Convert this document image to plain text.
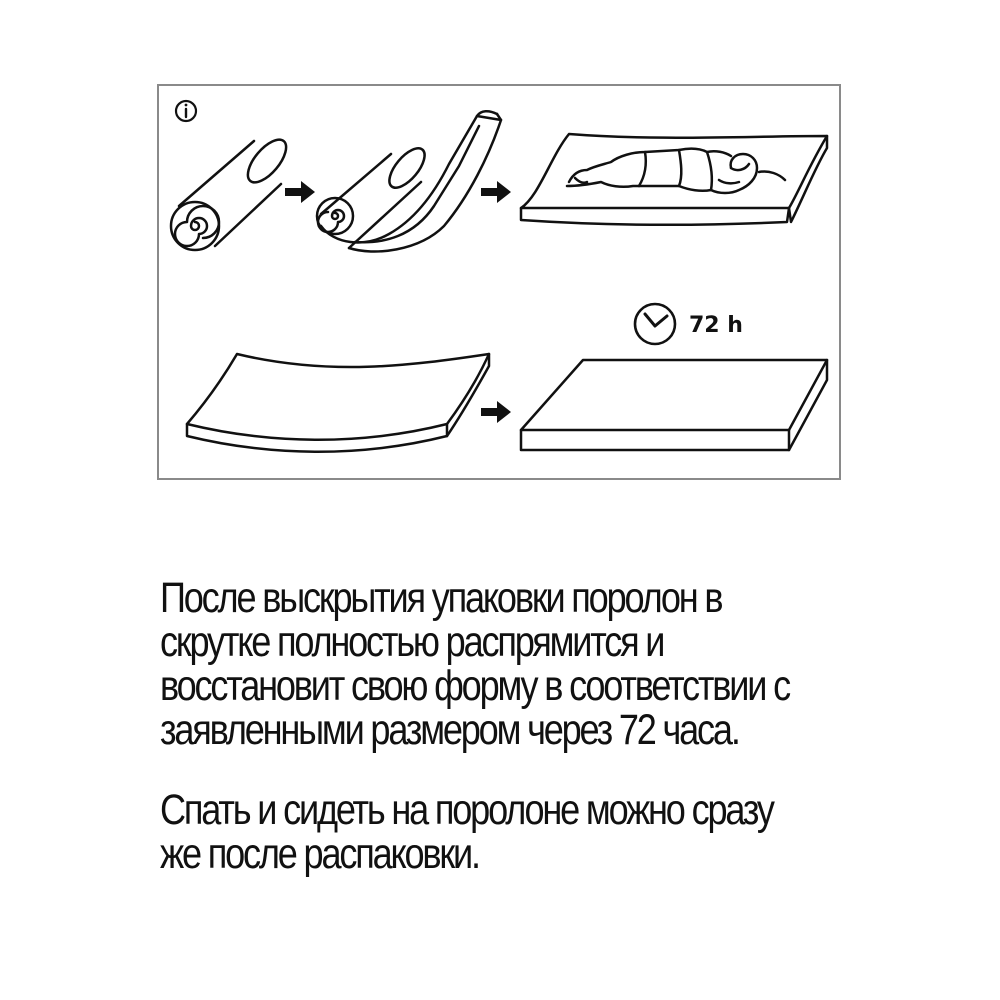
72 h
После выскрытия упаковки поролон в
скрутке полностью распрямится и
восстановит свою форму в соответствии с
заявленными размером через 72 часа.
Спать и сидеть на поролоне можно сразу
же после распаковки.
